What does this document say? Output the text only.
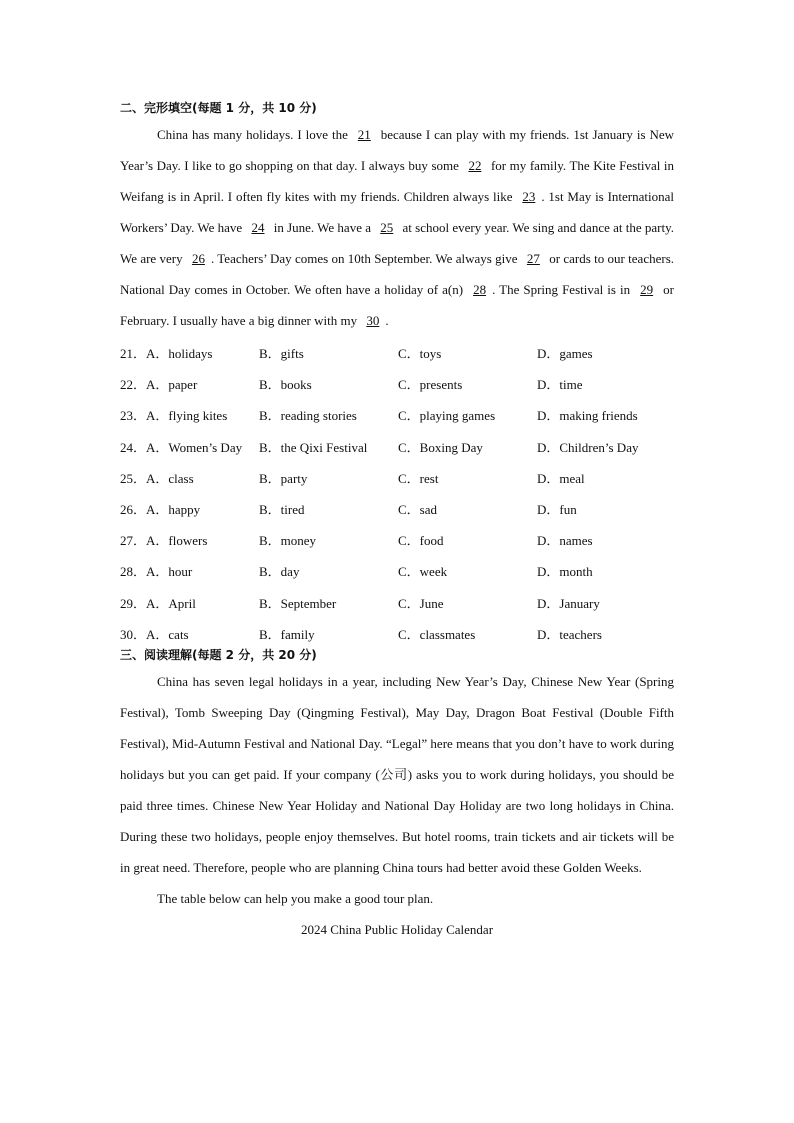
二、完形填空(每题 1 分，共 10 分)

China has many holidays. I love the 21 because I can play with my friends. 1st January is New Year’s Day. I like to go shopping on that day. I always buy some 22 for my family. The Kite Festival in Weifang is in April. I often fly kites with my friends. Children always like 23 . 1st May is International Workers’ Day. We have 24 in June. We have a 25 at school every year. We sing and dance at the party. We are very 26 . Teachers’ Day comes on 10th September. We always give 27 or cards to our teachers. National Day comes in October. We often have a holiday of a(n) 28 . The Spring Festival is in 29 or February. I usually have a big dinner with my 30 .

21．A．holidays	B．gifts	C．toys	D．games
22．A．paper	B．books	C．presents	D．time
23．A．flying kites	B．reading stories	C．playing games	D．making friends
24．A．Women’s Day	B．the Qixi Festival	C．Boxing Day	D．Children’s Day
25．A．class	B．party	C．rest	D．meal
26．A．happy	B．tired	C．sad	D．fun
27．A．flowers	B．money	C．food	D．names
28．A．hour	B．day	C．week	D．month
29．A．April	B．September	C．June	D．January
30．A．cats	B．family	C．classmates	D．teachers
三、阅读理解(每题 2 分，共 20 分)

China has seven legal holidays in a year, including New Year’s Day, Chinese New Year (Spring Festival), Tomb Sweeping Day (Qingming Festival), May Day, Dragon Boat Festival (Double Fifth Festival), Mid-Autumn Festival and National Day. “Legal” here means that you don’t have to work during holidays but you can get paid. If your company (公司) asks you to work during holidays, you should be paid three times. Chinese New Year Holiday and National Day Holiday are two long holidays in China. During these two holidays, people enjoy themselves. But hotel rooms, train tickets and air tickets will be in great need. Therefore, people who are planning China tours had better avoid these Golden Weeks.

The table below can help you make a good tour plan.

2024 China Public Holiday Calendar
